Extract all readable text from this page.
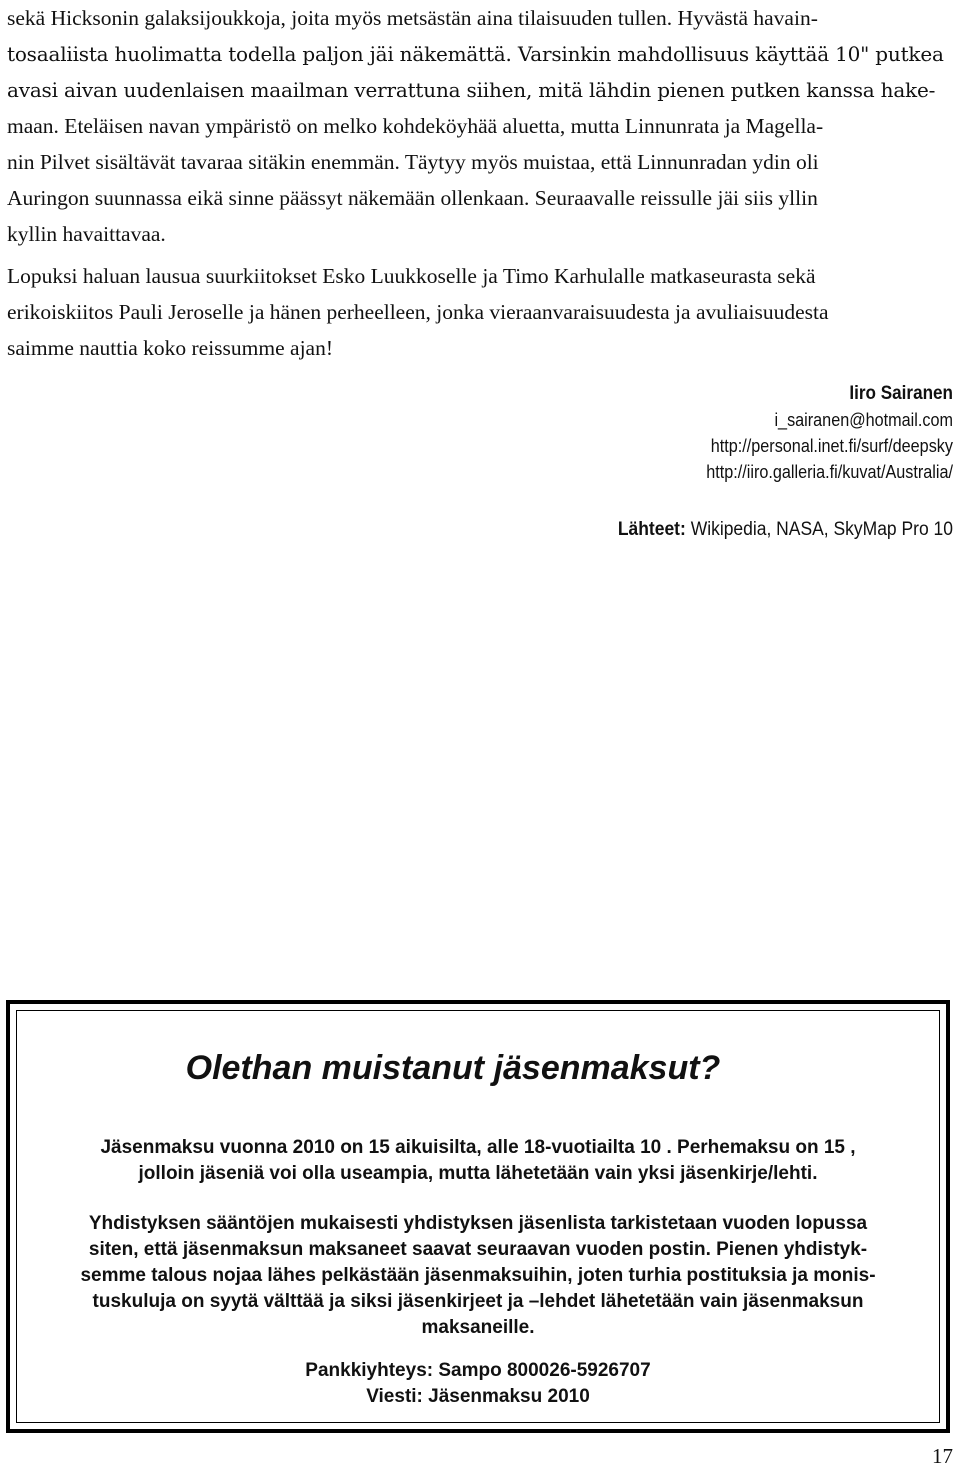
sekä Hicksonin galaksijoukkoja, joita myös metsästän aina tilaisuuden tullen. Hyvästä havain-
tosaaliista huolimatta todella paljon jäi näkemättä. Varsinkin mahdollisuus käyttää 10" putkea
avasi aivan uudenlaisen maailman verrattuna siihen, mitä lähdin pienen putken kanssa hake-
maan. Eteläisen navan ympäristö on melko kohdeköyhää aluetta, mutta Linnunrata ja Magella-
nin Pilvet sisältävät tavaraa sitäkin enemmän. Täytyy myös muistaa, että Linnunradan ydin oli
Auringon suunnassa eikä sinne päässyt näkemään ollenkaan. Seuraavalle reissulle jäi siis yllin
kyllin havaittavaa.
Lopuksi haluan lausua suurkiitokset Esko Luukkoselle ja Timo Karhulalle matkaseurasta sekä
erikoiskiitos Pauli Jeroselle ja hänen perheelleen, jonka vieraanvaraisuudesta ja avuliaisuudesta
saimme nauttia koko reissumme ajan!
Iiro Sairanen
i_sairanen@hotmail.com
http://personal.inet.fi/surf/deepsky
http://iiro.galleria.fi/kuvat/Australia/
Lähteet: Wikipedia, NASA, SkyMap Pro 10
Olethan muistanut jäsenmaksut?
Jäsenmaksu vuonna 2010 on 15 aikuisilta, alle 18-vuotiailta 10 . Perhemaksu on 15 ,
jolloin jäseniä voi olla useampia, mutta lähetetään vain yksi jäsenkirje/lehti.
Yhdistyksen sääntöjen mukaisesti yhdistyksen jäsenlista tarkistetaan vuoden lopussa
siten, että jäsenmaksun maksaneet saavat seuraavan vuoden postin. Pienen yhdistyk-
semme talous nojaa lähes pelkästään jäsenmaksuihin, joten turhia postituksia ja monis-
tuskuluja on syytä välttää ja siksi jäsenkirjeet ja –lehdet lähetetään vain jäsenmaksun
maksaneille.
Pankkiyhteys: Sampo 800026-5926707
Viesti: Jäsenmaksu 2010
17
